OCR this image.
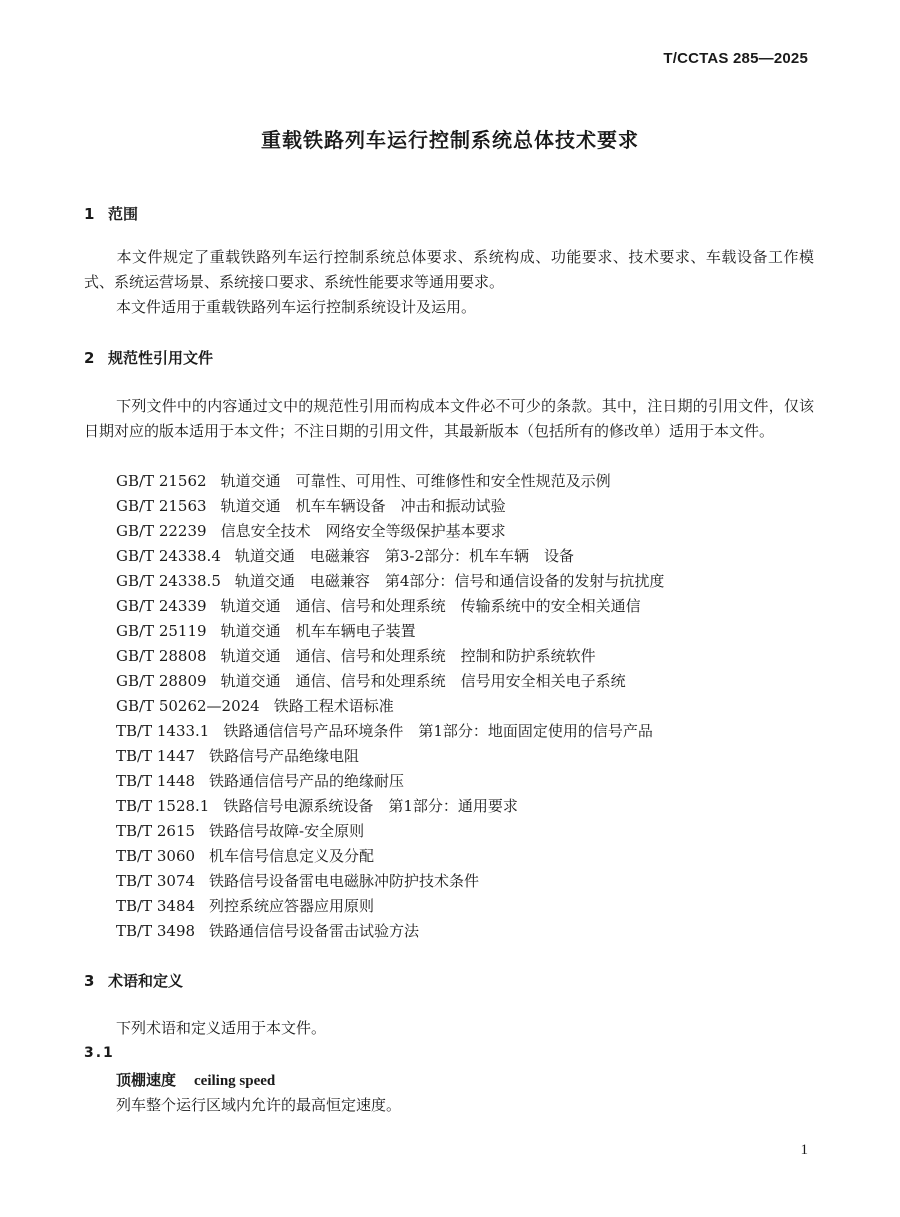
T/CCTAS 285—2025
重载铁路列车运行控制系统总体技术要求
1 范围
本文件规定了重载铁路列车运行控制系统总体要求、系统构成、功能要求、技术要求、车载设备工作模式、系统运营场景、系统接口要求、系统性能要求等通用要求。
本文件适用于重载铁路列车运行控制系统设计及运用。
2 规范性引用文件
下列文件中的内容通过文中的规范性引用而构成本文件必不可少的条款。其中，注日期的引用文件，仅该日期对应的版本适用于本文件；不注日期的引用文件，其最新版本（包括所有的修改单）适用于本文件。
GB/T 21562 轨道交通　可靠性、可用性、可维修性和安全性规范及示例
GB/T 21563 轨道交通　机车车辆设备　冲击和振动试验
GB/T 22239 信息安全技术　网络安全等级保护基本要求
GB/T 24338.4 轨道交通　电磁兼容　第3-2部分：机车车辆　设备
GB/T 24338.5 轨道交通　电磁兼容　第4部分：信号和通信设备的发射与抗扰度
GB/T 24339 轨道交通　通信、信号和处理系统　传输系统中的安全相关通信
GB/T 25119 轨道交通　机车车辆电子装置
GB/T 28808 轨道交通　通信、信号和处理系统　控制和防护系统软件
GB/T 28809 轨道交通　通信、信号和处理系统　信号用安全相关电子系统
GB/T 50262—2024 铁路工程术语标准
TB/T 1433.1 铁路通信信号产品环境条件　第1部分：地面固定使用的信号产品
TB/T 1447 铁路信号产品绝缘电阻
TB/T 1448 铁路通信信号产品的绝缘耐压
TB/T 1528.1 铁路信号电源系统设备　第1部分：通用要求
TB/T 2615 铁路信号故障-安全原则
TB/T 3060 机车信号信息定义及分配
TB/T 3074 铁路信号设备雷电电磁脉冲防护技术条件
TB/T 3484 列控系统应答器应用原则
TB/T 3498 铁路通信信号设备雷击试验方法
3 术语和定义
下列术语和定义适用于本文件。
3.1
顶棚速度 ceiling speed
列车整个运行区域内允许的最高恒定速度。
1
